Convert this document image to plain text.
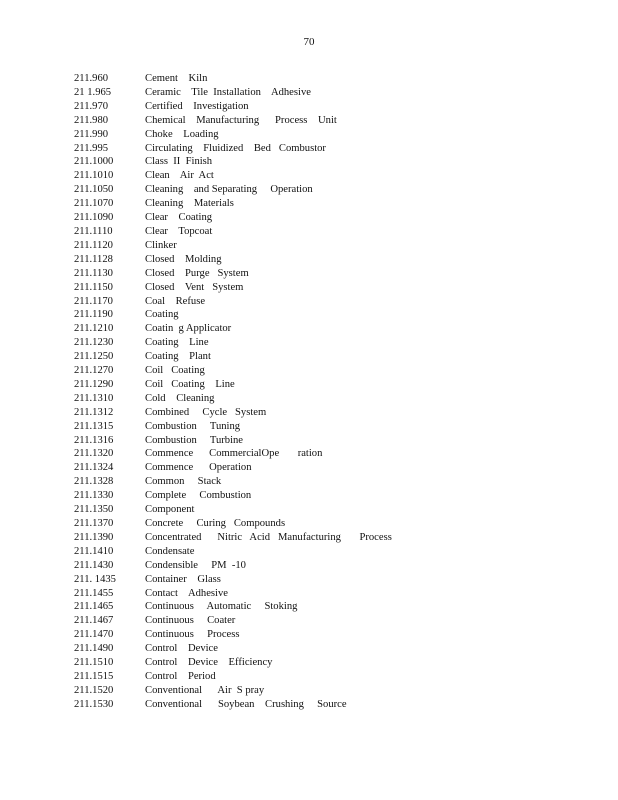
70
211.960	Cement    Kiln
21 1.965	Ceramic    Tile  Installation    Adhesive
211.970	Certified    Investigation
211.980	Chemical    Manufacturing      Process    Unit
211.990	Choke    Loading
211.995	Circulating    Fluidized    Bed   Combustor
211.1000	Class  II  Finish
211.1010	Clean    Air  Act
211.1050	Cleaning    and Separating     Operation
211.1070	Cleaning    Materials
211.1090	Clear    Coating
211.1110	Clear    Topcoat
211.1120	Clinker
211.1128	Closed    Molding
211.1130	Closed    Purge   System
211.1150	Closed    Vent   System
211.1170	Coal    Refuse
211.1190	Coating
211.1210	Coatin  g Applicator
211.1230	Coating    Line
211.1250	Coating    Plant
211.1270	Coil   Coating
211.1290	Coil   Coating    Line
211.1310	Cold    Cleaning
211.1312	Combined     Cycle   System
211.1315	Combustion     Tuning
211.1316	Combustion     Turbine
211.1320	Commence      CommercialOpe       ration
211.1324	Commence      Operation
211.1328	Common     Stack
211.1330	Complete     Combustion
211.1350	Component
211.1370	Concrete     Curing   Compounds
211.1390	Concentrated      Nitric   Acid   Manufacturing       Process
211.1410	Condensate
211.1430	Condensible     PM  -10
211. 1435	Container    Glass
211.1455	Contact    Adhesive
211.1465	Continuous     Automatic     Stoking
211.1467	Continuous     Coater
211.1470	Continuous     Process
211.1490	Control    Device
211.1510	Control    Device    Efficiency
211.1515	Control    Period
211.1520	Conventional      Air  S pray
211.1530	Conventional      Soybean    Crushing     Source
